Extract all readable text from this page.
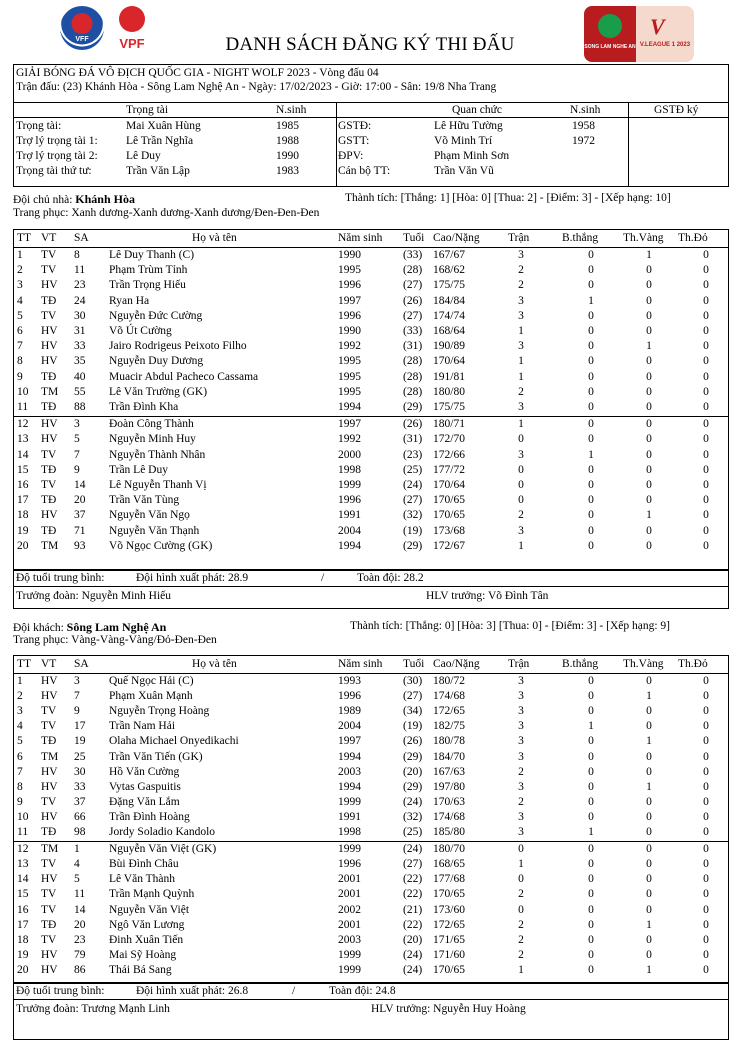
VFF	VPF	DANH SÁCH ĐĂNG KÝ THI ĐẤU	SONG LAM NGHE AN
V
V.LEAGUE 1 2023
GIẢI BÓNG ĐÁ VÔ ĐỊCH QUỐC GIA - NIGHT WOLF 2023 - Vòng đấu 04
Trận đấu: (23) Khánh Hòa - Sông Lam Nghệ An - Ngày: 17/02/2023 - Giờ: 17:00 - Sân: 19/8 Nha Trang
Trọng tài	N.sinh	Quan chức	N.sinh	GSTĐ ký
Trọng tài:	Mai Xuân Hùng	1985	GSTĐ:	Lê Hữu Tường	1958
Trợ lý trọng tài 1: Lê Trần Nghĩa	1988	GSTT:	Võ Minh Trí	1972
Trợ lý trọng tài 2: Lê Duy	1990	ĐPV:	Phạm Minh Sơn
Trọng tài thứ tư:	Trần Văn Lập	1983	Cán bộ TT:	Trần Văn Vũ
Đội chủ nhà: Khánh Hòa	Thành tích: [Thắng: 1] [Hòa: 0] [Thua: 2] - [Điểm: 3] - [Xếp hạng: 10]
Trang phục: Xanh dương-Xanh dương-Xanh dương/Đen-Đen-Đen
TT VT SA	Họ và tên	Năm sinh Tuổi Cao/Nặng Trận	B.thắng Th.Vàng Th.Đỏ
1 TV 8	Lê Duy Thanh (C)	1990	(33) 167/67	3	0	1	0
2 TV 11 Phạm Trùm Tỉnh	1995	(28) 168/62	2	0	0	0
3 HV 23 Trần Trọng Hiếu	1996	(27) 175/75	2	0	0	0
4 TĐ 24 Ryan Ha	1997	(26) 184/84	3	1	0	0
5 TV 30 Nguyễn Đức Cường	1996	(27) 174/74	3	0	0	0
6 HV 31 Võ Út Cường	1990	(33) 168/64	1	0	0	0
7 HV 33 Jairo Rodrigeus Peixoto Filho	1992	(31) 190/89	3	0	1	0
8 HV 35 Nguyễn Duy Dương	1995	(28) 170/64	1	0	0	0
9 TĐ 40 Muacir Abdul Pacheco Cassama	1995	(28) 191/81	1	0	0	0
10 TM 55 Lê Văn Trường (GK)	1995	(28) 180/80	2	0	0	0
11 TĐ 88 Trần Đình Kha	1994	(29) 175/75	3	0	0	0
12 HV 3	Đoàn Công Thành	1997	(26) 180/71	1	0	0	0
13 HV 5	Nguyễn Minh Huy	1992	(31) 172/70	0	0	0	0
14 TV 7	Nguyễn Thành Nhân	2000	(23) 172/66	3	1	0	0
15 TĐ 9	Trần Lê Duy	1998	(25) 177/72	0	0	0	0
16 TV 14 Lê Nguyễn Thanh Vị	1999	(24) 170/64	0	0	0	0
17 TĐ 20 Trần Văn Tùng	1996	(27) 170/65	0	0	0	0
18 HV 37 Nguyễn Văn Ngọ	1991	(32) 170/65	2	0	1	0
19 TĐ 71 Nguyễn Văn Thạnh	2004	(19) 173/68	3	0	0	0
20 TM 93 Võ Ngọc Cường (GK)	1994	(29) 172/67	1	0	0	0
Độ tuổi trung bình:	Đội hình xuất phát: 28.9	/	Toàn đội: 28.2
Trưởng đoàn: Nguyễn Minh Hiếu	HLV trưởng: Võ Đình Tân
Đội khách: Sông Lam Nghệ An	Thành tích: [Thắng: 0] [Hòa: 3] [Thua: 0] - [Điểm: 3] - [Xếp hạng: 9]
Trang phục: Vàng-Vàng-Vàng/Đỏ-Đen-Đen
TT VT SA	Họ và tên	Năm sinh Tuổi Cao/Nặng Trận	B.thắng Th.Vàng Th.Đỏ
1 HV 3	Quế Ngọc Hải (C)	1993	(30) 180/72	3	0	0	0
2 HV 7	Phạm Xuân Mạnh	1996	(27) 174/68	3	0	1	0
3 TV 9	Nguyễn Trọng Hoàng	1989	(34) 172/65	3	0	0	0
4 TV 17 Trần Nam Hải	2004	(19) 182/75	3	1	0	0
5 TĐ 19 Olaha Michael Onyedikachi	1997	(26) 180/78	3	0	1	0
6 TM 25 Trần Văn Tiến (GK)	1994	(29) 184/70	3	0	0	0
7 HV 30 Hồ Văn Cường	2003	(20) 167/63	2	0	0	0
8 HV 33 Vytas Gaspuitis	1994	(29) 197/80	3	0	1	0
9 TV 37 Đặng Văn Lắm	1999	(24) 170/63	2	0	0	0
10 HV 66 Trần Đình Hoàng	1991	(32) 174/68	3	0	0	0
11 TĐ 98 Jordy Soladio Kandolo	1998	(25) 185/80	3	1	0	0
12 TM 1	Nguyễn Văn Việt (GK)	1999	(24) 180/70	0	0	0	0
13 TV 4	Bùi Đình Châu	1996	(27) 168/65	1	0	0	0
14 HV 5	Lê Văn Thành	2001	(22) 177/68	0	0	0	0
15 TV 11 Trần Mạnh Quỳnh	2001	(22) 170/65	2	0	0	0
16 TV 14 Nguyễn Văn Việt	2002	(21) 173/60	0	0	0	0
17 TĐ 20 Ngô Văn Lương	2001	(22) 172/65	2	0	1	0
18 TV 23 Đinh Xuân Tiến	2003	(20) 171/65	2	0	0	0
19 HV 79 Mai Sỹ Hoàng	1999	(24) 171/60	2	0	0	0
20 HV 86 Thái Bá Sang	1999	(24) 170/65	1	0	1	0
Độ tuổi trung bình:	Đội hình xuất phát: 26.8	/	Toàn đội: 24.8
Trưởng đoàn: Trương Mạnh Linh	HLV trưởng: Nguyễn Huy Hoàng
